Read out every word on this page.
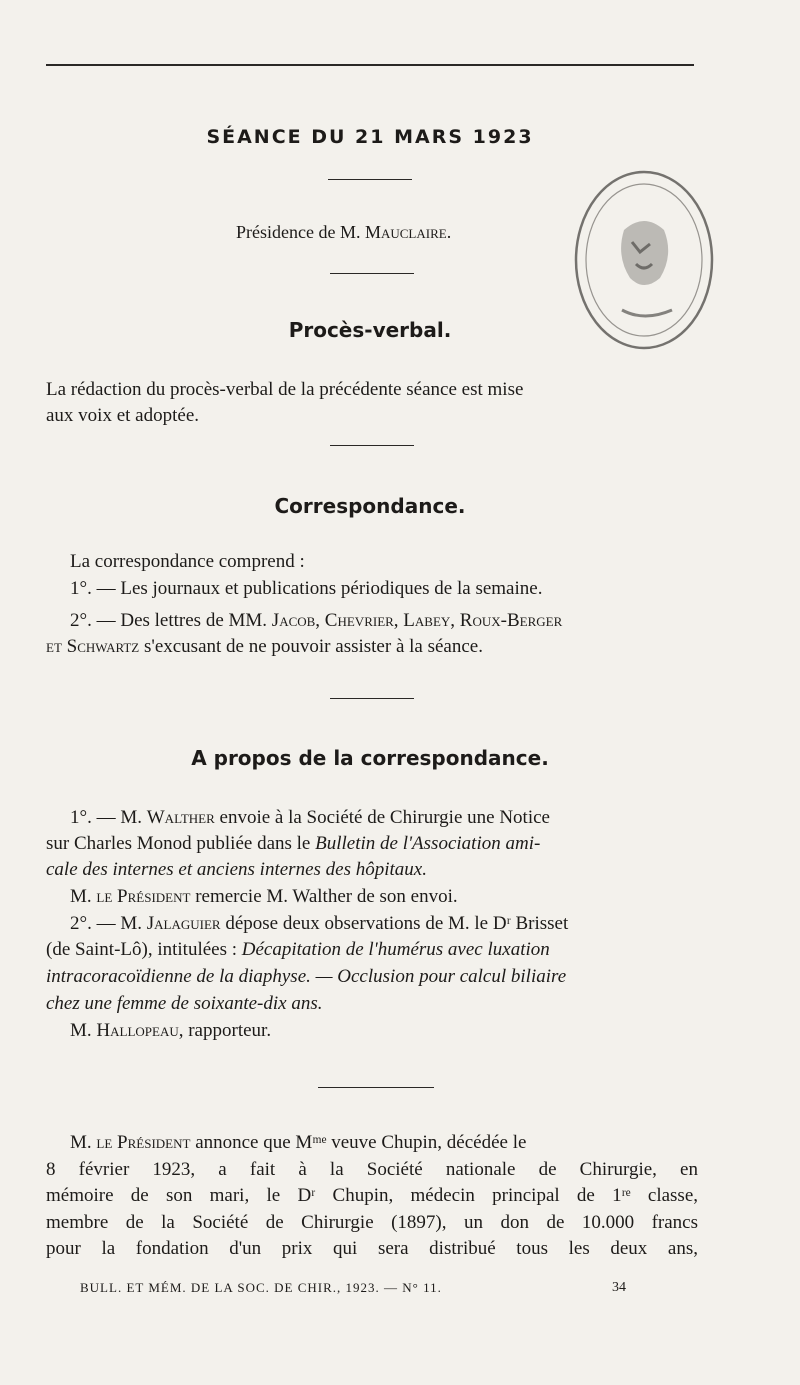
SÉANCE DU 21 MARS 1923
Présidence de M. Mauclaire.
Procès-verbal.
La rédaction du procès-verbal de la précédente séance est mise
aux voix et adoptée.
Correspondance.
La correspondance comprend :
1°. — Les journaux et publications périodiques de la semaine.
2°. — Des lettres de MM. Jacob, Chevrier, Labey, Roux-Berger
et Schwartz s'excusant de ne pouvoir assister à la séance.
A propos de la correspondance.
1°. — M. Walther envoie à la Société de Chirurgie une Notice
sur Charles Monod publiée dans le Bulletin de l'Association ami-
cale des internes et anciens internes des hôpitaux.
M. le Président remercie M. Walther de son envoi.
2°. — M. Jalaguier dépose deux observations de M. le Dʳ Brisset
(de Saint-Lô), intitulées : Décapitation de l'humérus avec luxation
intracoracoïdienne de la diaphyse. — Occlusion pour calcul biliaire
chez une femme de soixante-dix ans.
M. Hallopeau, rapporteur.
M. le Président annonce que Mᵐᵉ veuve Chupin, décédée le
8 février 1923, a fait à la Société nationale de Chirurgie, en
mémoire de son mari, le Dʳ Chupin, médecin principal de 1ʳᵉ classe,
membre de la Société de Chirurgie (1897), un don de 10.000 francs
pour la fondation d'un prix qui sera distribué tous les deux ans,
BULL. ET MÉM. DE LA SOC. DE CHIR., 1923. — N° 11.	34
